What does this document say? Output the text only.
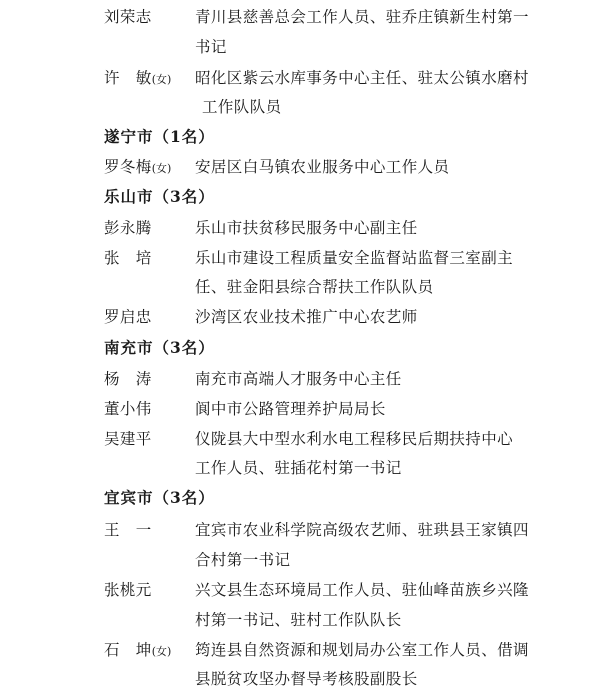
刘荣志	青川县慈善总会工作人员、驻乔庄镇新生村第一
书记
许　敏(女) 昭化区紫云水库事务中心主任、驻太公镇水磨村
工作队队员
遂宁市（1名）
罗冬梅(女) 安居区白马镇农业服务中心工作人员
乐山市（3名）
彭永腾	乐山市扶贫移民服务中心副主任
张　培	乐山市建设工程质量安全监督站监督三室副主
任、驻金阳县综合帮扶工作队队员
罗启忠	沙湾区农业技术推广中心农艺师
南充市（3名）
杨　涛	南充市高端人才服务中心主任
董小伟	阆中市公路管理养护局局长
吴建平	仪陇县大中型水利水电工程移民后期扶持中心
工作人员、驻插花村第一书记
宜宾市（3名）
王　一	宜宾市农业科学院高级农艺师、驻珙县王家镇四
合村第一书记
张桃元	兴文县生态环境局工作人员、驻仙峰苗族乡兴隆
村第一书记、驻村工作队队长
石　坤(女) 筠连县自然资源和规划局办公室工作人员、借调
县脱贫攻坚办督导考核股副股长
